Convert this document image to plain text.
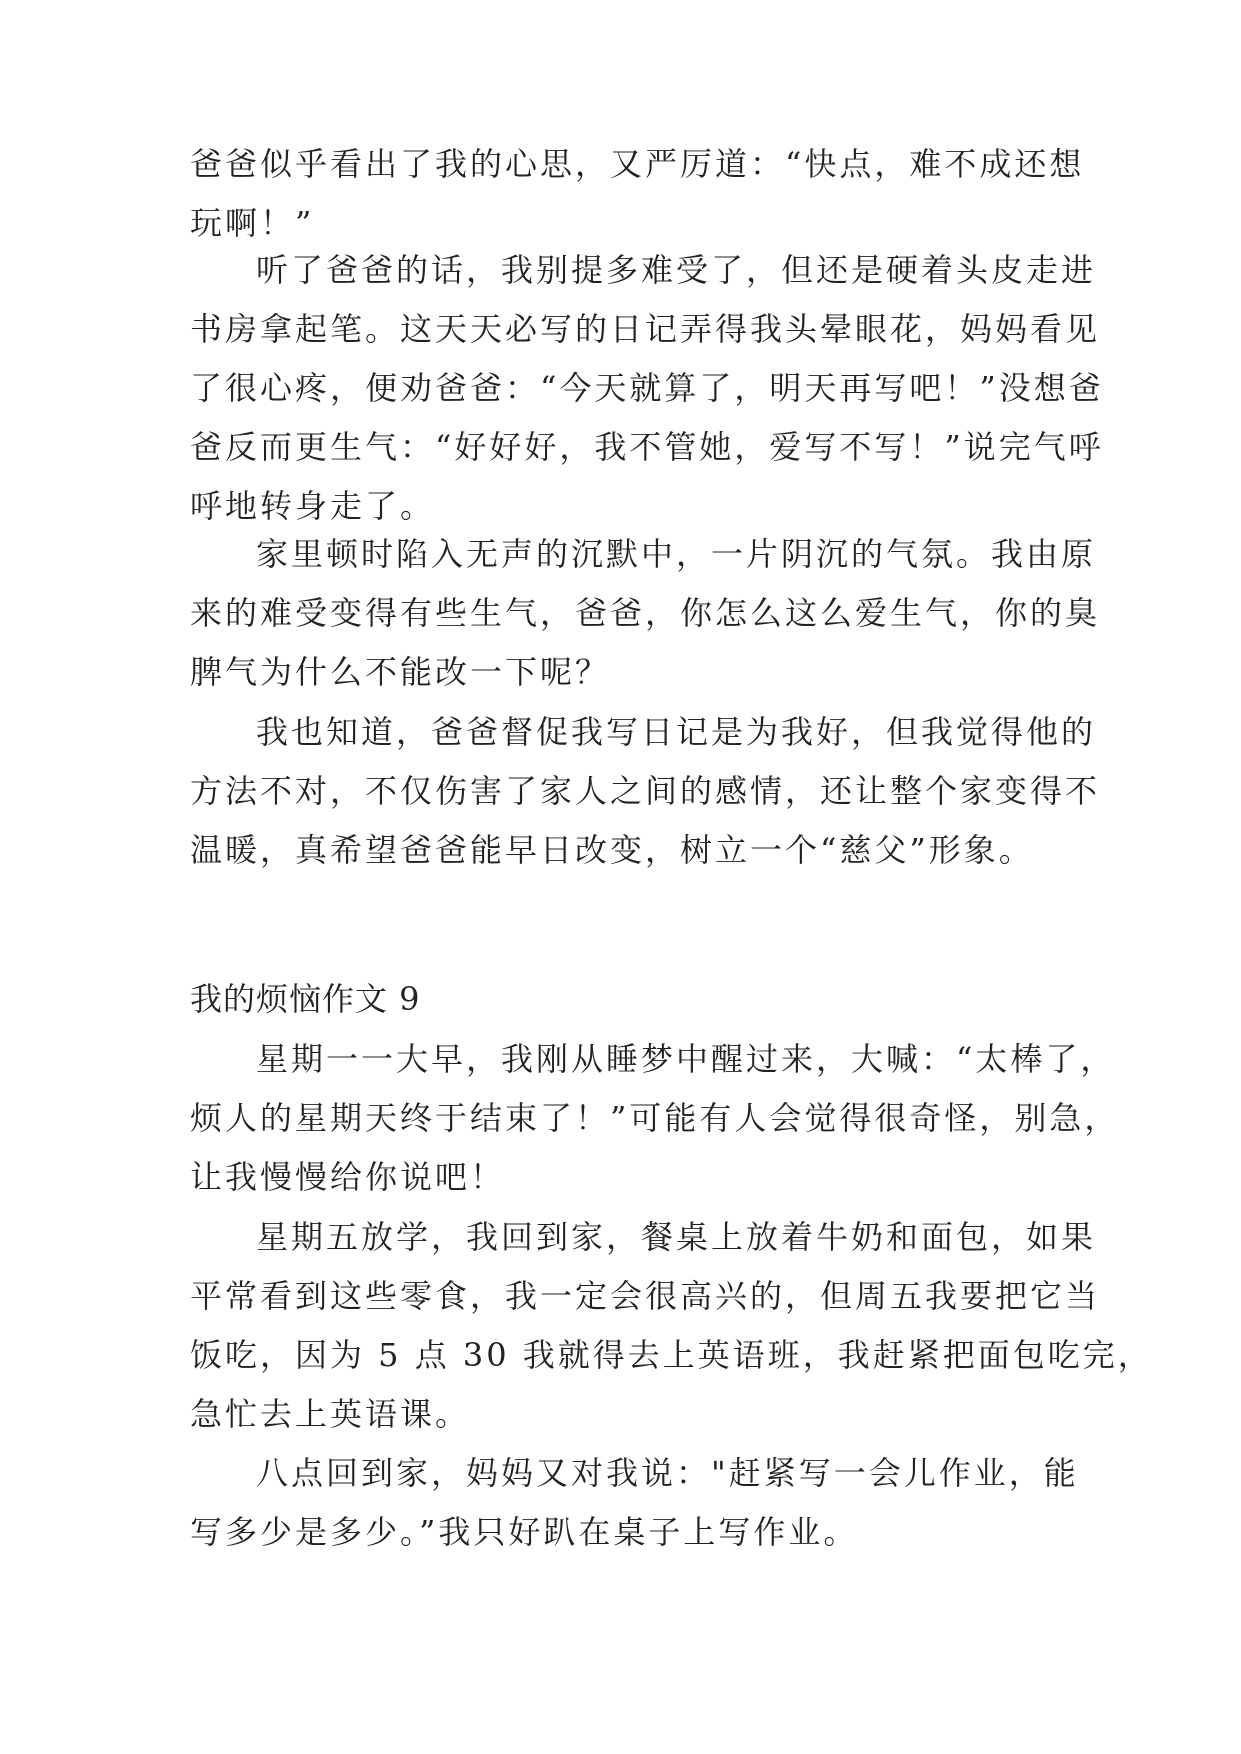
爸爸似乎看出了我的心思，又严厉道：“快点，难不成还想
玩啊！”
听了爸爸的话，我别提多难受了，但还是硬着头皮走进
书房拿起笔。这天天必写的日记弄得我头晕眼花，妈妈看见
了很心疼，便劝爸爸：“今天就算了，明天再写吧！”没想爸
爸反而更生气：“好好好，我不管她，爱写不写！”说完气呼
呼地转身走了。
家里顿时陷入无声的沉默中，一片阴沉的气氛。我由原
来的难受变得有些生气，爸爸，你怎么这么爱生气，你的臭
脾气为什么不能改一下呢？
我也知道，爸爸督促我写日记是为我好，但我觉得他的
方法不对，不仅伤害了家人之间的感情，还让整个家变得不
温暖，真希望爸爸能早日改变，树立一个“慈父”形象。
我的烦恼作文 9
星期一一大早，我刚从睡梦中醒过来，大喊：“太棒了，
烦人的星期天终于结束了！”可能有人会觉得很奇怪，别急，
让我慢慢给你说吧！
星期五放学，我回到家，餐桌上放着牛奶和面包，如果
平常看到这些零食，我一定会很高兴的，但周五我要把它当
饭吃，因为 5 点 30 我就得去上英语班，我赶紧把面包吃完，
急忙去上英语课。
八点回到家，妈妈又对我说："赶紧写一会儿作业，能
写多少是多少。”我只好趴在桌子上写作业。
